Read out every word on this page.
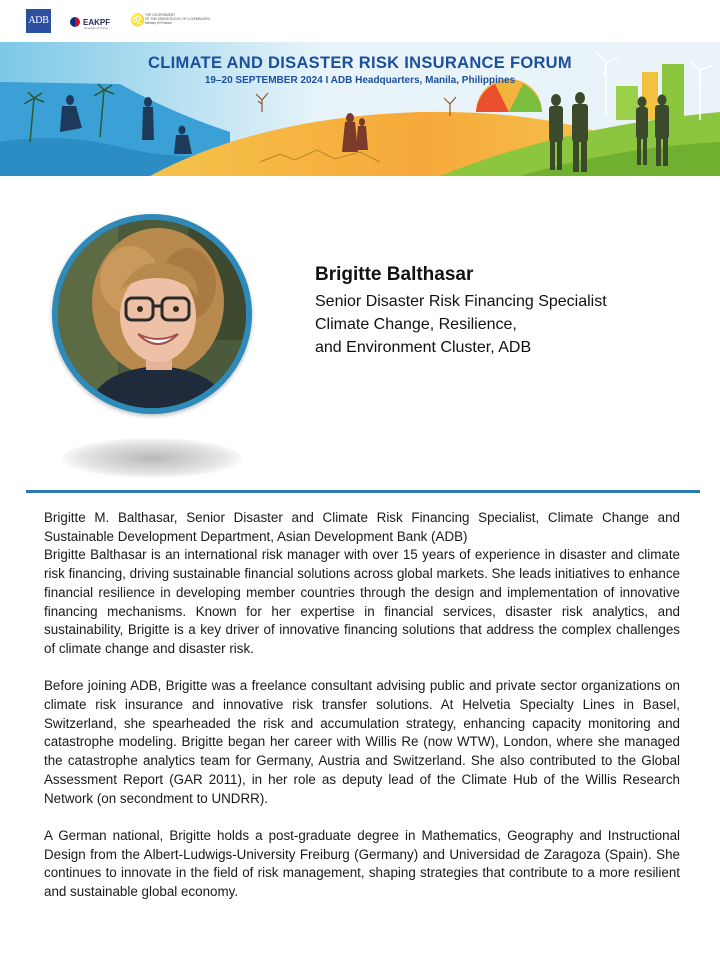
ADB	EAKPF
Republic of Korea
♌ THE GOVERNMENT
OF THE GRAND DUCHY OF LUXEMBOURG
Ministry of Finance
CLIMATE AND DISASTER RISK INSURANCE FORUM
19–20 SEPTEMBER 2024 I ADB Headquarters, Manila, Philippines
Brigitte Balthasar
Senior Disaster Risk Financing Specialist
Climate Change, Resilience,
and Environment Cluster, ADB

Brigitte M. Balthasar, Senior Disaster and Climate Risk Financing Specialist, Climate Change and Sustainable Development Department, Asian Development Bank (ADB)

Brigitte Balthasar is an international risk manager with over 15 years of experience in disaster and climate risk financing, driving sustainable financial solutions across global markets. She leads initiatives to enhance financial resilience in developing member countries through the design and implementation of innovative financing mechanisms. Known for her expertise in financial services, disaster risk analytics, and sustainability, Brigitte is a key driver of innovative financing solutions that address the complex challenges of climate change and disaster risk.

Before joining ADB, Brigitte was a freelance consultant advising public and private sector organizations on climate risk insurance and innovative risk transfer solutions. At Helvetia Specialty Lines in Basel, Switzerland, she spearheaded the risk and accumulation strategy, enhancing capacity monitoring and catastrophe modeling. Brigitte began her career with Willis Re (now WTW), London, where she managed the catastrophe analytics team for Germany, Austria and Switzerland. She also contributed to the Global Assessment Report (GAR 2011), in her role as deputy lead of the Climate Hub of the Willis Research Network (on secondment to UNDRR).

A German national, Brigitte holds a post-graduate degree in Mathematics, Geography and Instructional Design from the Albert-Ludwigs-University Freiburg (Germany) and Universidad de Zaragoza (Spain). She continues to innovate in the field of risk management, shaping strategies that contribute to a more resilient and sustainable global economy.
